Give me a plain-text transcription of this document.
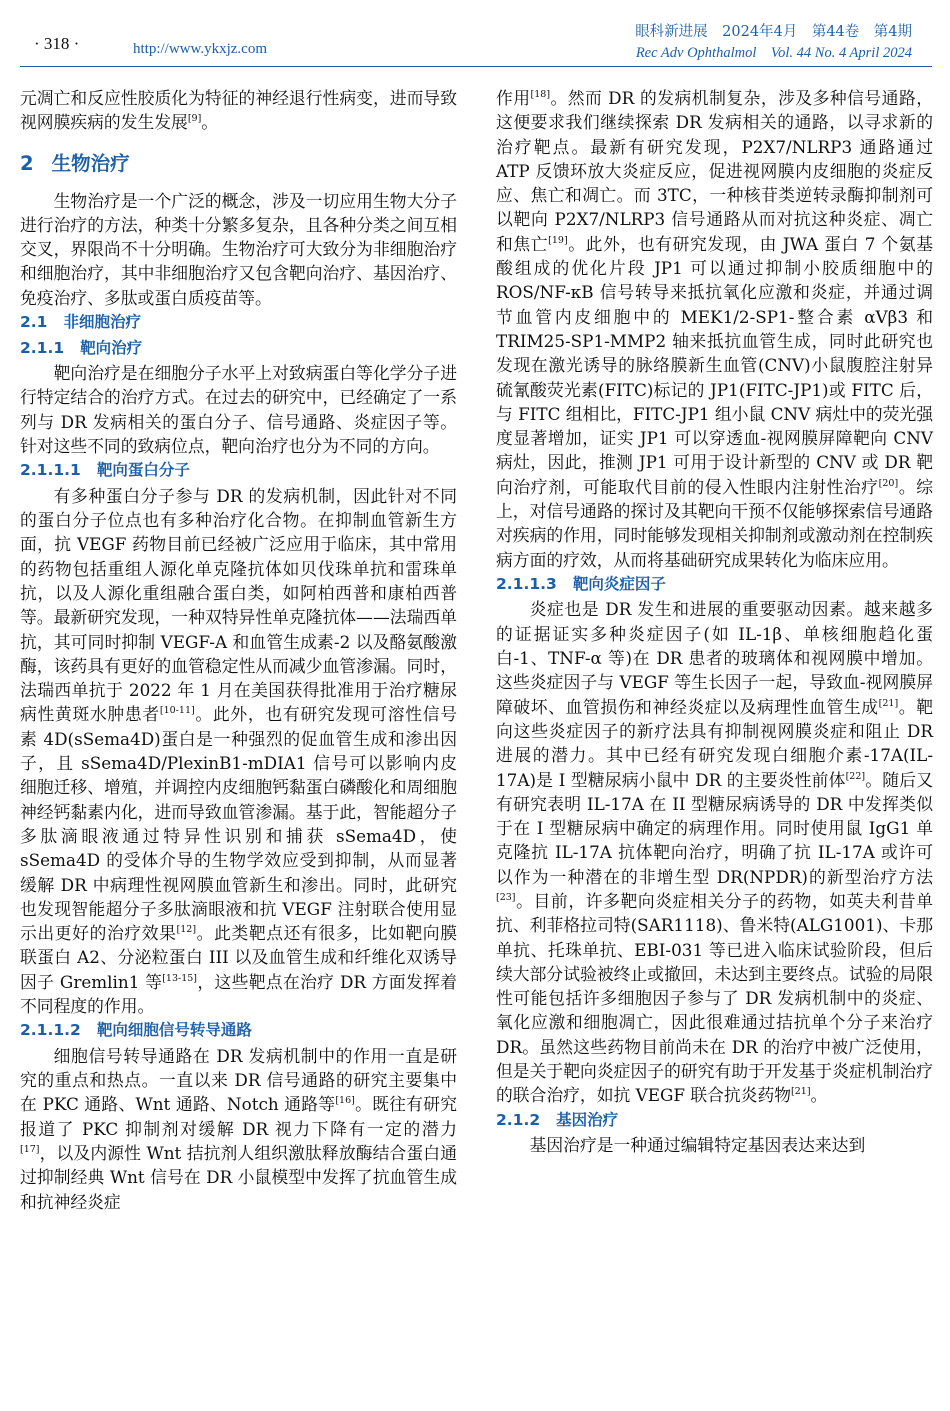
· 318 ·	http://www.ykxjz.com
眼科新进展　2024年4月　第44卷　第4期
Rec Adv Ophthalmol　Vol. 44 No. 4 April 2024

元凋亡和反应性胶质化为特征的神经退行性病变，进而导致视网膜疾病的发生发展[9]。

2 生物治疗

生物治疗是一个广泛的概念，涉及一切应用生物大分子进行治疗的方法，种类十分繁多复杂，且各种分类之间互相交叉，界限尚不十分明确。生物治疗可大致分为非细胞治疗和细胞治疗，其中非细胞治疗又包含靶向治疗、基因治疗、免疫治疗、多肽或蛋白质疫苗等。

2.1 非细胞治疗
2.1.1 靶向治疗

靶向治疗是在细胞分子水平上对致病蛋白等化学分子进行特定结合的治疗方式。在过去的研究中，已经确定了一系列与 DR 发病相关的蛋白分子、信号通路、炎症因子等。针对这些不同的致病位点，靶向治疗也分为不同的方向。

2.1.1.1 靶向蛋白分子

有多种蛋白分子参与 DR 的发病机制，因此针对不同的蛋白分子位点也有多种治疗化合物。在抑制血管新生方面，抗 VEGF 药物目前已经被广泛应用于临床，其中常用的药物包括重组人源化单克隆抗体如贝伐珠单抗和雷珠单抗，以及人源化重组融合蛋白类，如阿柏西普和康柏西普等。最新研究发现，一种双特异性单克隆抗体——法瑞西单抗，其可同时抑制 VEGF-A 和血管生成素-2 以及酪氨酸激酶，该药具有更好的血管稳定性从而减少血管渗漏。同时，法瑞西单抗于 2022 年 1 月在美国获得批准用于治疗糖尿病性黄斑水肿患者[10-11]。此外，也有研究发现可溶性信号素 4D(sSema4D)蛋白是一种强烈的促血管生成和渗出因子，且 sSema4D/PlexinB1-mDIA1 信号可以影响内皮细胞迁移、增殖，并调控内皮细胞钙黏蛋白磷酸化和周细胞神经钙黏素内化，进而导致血管渗漏。基于此，智能超分子多肽滴眼液通过特异性识别和捕获 sSema4D，使 sSema4D 的受体介导的生物学效应受到抑制，从而显著缓解 DR 中病理性视网膜血管新生和渗出。同时，此研究也发现智能超分子多肽滴眼液和抗 VEGF 注射联合使用显示出更好的治疗效果[12]。此类靶点还有很多，比如靶向膜联蛋白 A2、分泌粒蛋白 III 以及血管生成和纤维化双诱导因子 Gremlin1 等[13-15]，这些靶点在治疗 DR 方面发挥着不同程度的作用。

2.1.1.2 靶向细胞信号转导通路

细胞信号转导通路在 DR 发病机制中的作用一直是研究的重点和热点。一直以来 DR 信号通路的研究主要集中在 PKC 通路、Wnt 通路、Notch 通路等[16]。既往有研究报道了 PKC 抑制剂对缓解 DR 视力下降有一定的潜力[17]，以及内源性 Wnt 拮抗剂人组织激肽释放酶结合蛋白通过抑制经典 Wnt 信号在 DR 小鼠模型中发挥了抗血管生成和抗神经炎症

作用[18]。然而 DR 的发病机制复杂，涉及多种信号通路，这便要求我们继续探索 DR 发病相关的通路，以寻求新的治疗靶点。最新有研究发现，P2X7/NLRP3 通路通过 ATP 反馈环放大炎症反应，促进视网膜内皮细胞的炎症反应、焦亡和凋亡。而 3TC，一种核苷类逆转录酶抑制剂可以靶向 P2X7/NLRP3 信号通路从而对抗这种炎症、凋亡和焦亡[19]。此外，也有研究发现，由 JWA 蛋白 7 个氨基酸组成的优化片段 JP1 可以通过抑制小胶质细胞中的 ROS/NF-κB 信号转导来抵抗氧化应激和炎症，并通过调节血管内皮细胞中的 MEK1/2-SP1-整合素 αVβ3 和 TRIM25-SP1-MMP2 轴来抵抗血管生成，同时此研究也发现在激光诱导的脉络膜新生血管(CNV)小鼠腹腔注射异硫氰酸荧光素(FITC)标记的 JP1(FITC-JP1)或 FITC 后，与 FITC 组相比，FITC-JP1 组小鼠 CNV 病灶中的荧光强度显著增加，证实 JP1 可以穿透血-视网膜屏障靶向 CNV 病灶，因此，推测 JP1 可用于设计新型的 CNV 或 DR 靶向治疗剂，可能取代目前的侵入性眼内注射性治疗[20]。综上，对信号通路的探讨及其靶向干预不仅能够探索信号通路对疾病的作用，同时能够发现相关抑制剂或激动剂在控制疾病方面的疗效，从而将基础研究成果转化为临床应用。

2.1.1.3 靶向炎症因子

炎症也是 DR 发生和进展的重要驱动因素。越来越多的证据证实多种炎症因子(如 IL-1β、单核细胞趋化蛋白-1、TNF-α 等)在 DR 患者的玻璃体和视网膜中增加。这些炎症因子与 VEGF 等生长因子一起，导致血-视网膜屏障破坏、血管损伤和神经炎症以及病理性血管生成[21]。靶向这些炎症因子的新疗法具有抑制视网膜炎症和阻止 DR 进展的潜力。其中已经有研究发现白细胞介素-17A(IL-17A)是 I 型糖尿病小鼠中 DR 的主要炎性前体[22]。随后又有研究表明 IL-17A 在 II 型糖尿病诱导的 DR 中发挥类似于在 I 型糖尿病中确定的病理作用。同时使用鼠 IgG1 单克隆抗 IL-17A 抗体靶向治疗，明确了抗 IL-17A 或许可以作为一种潜在的非增生型 DR(NPDR)的新型治疗方法[23]。目前，许多靶向炎症相关分子的药物，如英夫利昔单抗、利菲格拉司特(SAR1118)、鲁米特(ALG1001)、卡那单抗、托珠单抗、EBI-031 等已进入临床试验阶段，但后续大部分试验被终止或撤回，未达到主要终点。试验的局限性可能包括许多细胞因子参与了 DR 发病机制中的炎症、氧化应激和细胞凋亡，因此很难通过拮抗单个分子来治疗 DR。虽然这些药物目前尚未在 DR 的治疗中被广泛使用，但是关于靶向炎症因子的研究有助于开发基于炎症机制治疗的联合治疗，如抗 VEGF 联合抗炎药物[21]。

2.1.2 基因治疗

基因治疗是一种通过编辑特定基因表达来达到
